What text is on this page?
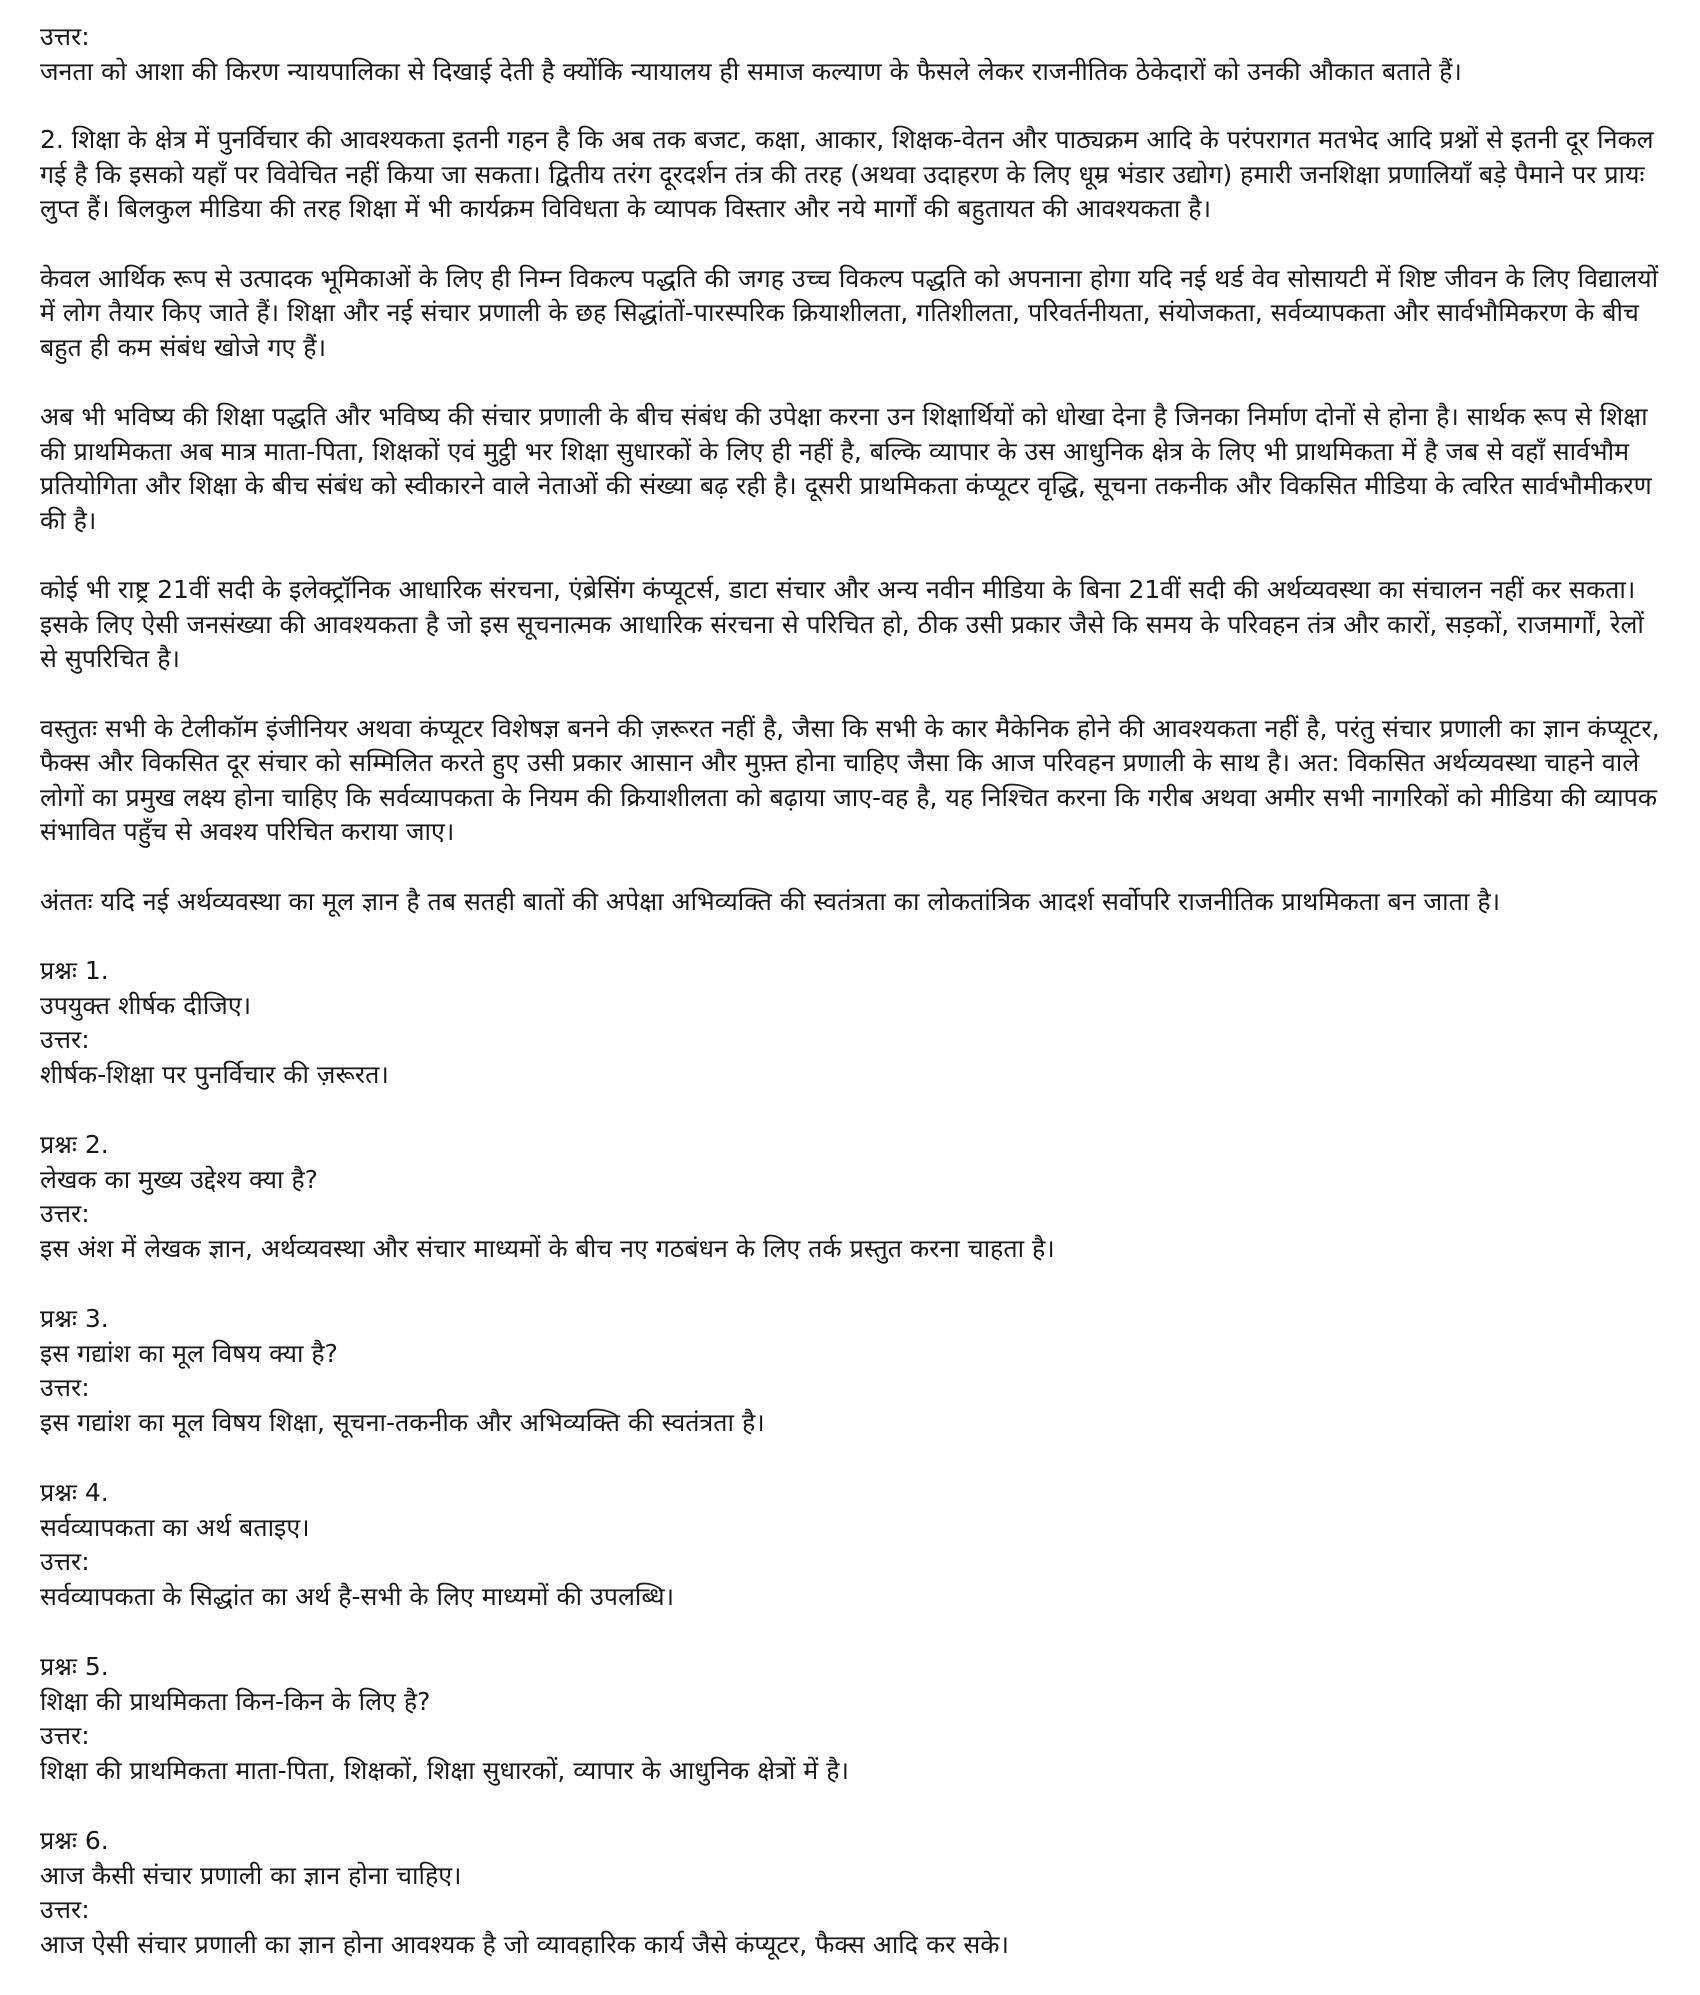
उत्तर:

जनता को आशा की किरण न्यायपालिका से दिखाई देती है क्योंकि न्यायालय ही समाज कल्याण के फैसले लेकर राजनीतिक ठेकेदारों को उनकी औकात बताते हैं।

2. शिक्षा के क्षेत्र में पुनर्विचार की आवश्यकता इतनी गहन है कि अब तक बजट, कक्षा, आकार, शिक्षक-वेतन और पाठ्यक्रम आदि के परंपरागत मतभेद आदि प्रश्नों से इतनी दूर निकल गई है कि इसको यहाँ पर विवेचित नहीं किया जा सकता। द्वितीय तरंग दूरदर्शन तंत्र की तरह (अथवा उदाहरण के लिए धूम्र भंडार उद्योग) हमारी जनशिक्षा प्रणालियाँ बड़े पैमाने पर प्रायः लुप्त हैं। बिलकुल मीडिया की तरह शिक्षा में भी कार्यक्रम विविधता के व्यापक विस्तार और नये मार्गों की बहुतायत की आवश्यकता है।

केवल आर्थिक रूप से उत्पादक भूमिकाओं के लिए ही निम्न विकल्प पद्धति की जगह उच्च विकल्प पद्धति को अपनाना होगा यदि नई थर्ड वेव सोसायटी में शिष्ट जीवन के लिए विद्यालयों में लोग तैयार किए जाते हैं। शिक्षा और नई संचार प्रणाली के छह सिद्धांतों-पारस्परिक क्रियाशीलता, गतिशीलता, परिवर्तनीयता, संयोजकता, सर्वव्यापकता और सार्वभौमिकरण के बीच बहुत ही कम संबंध खोजे गए हैं।

अब भी भविष्य की शिक्षा पद्धति और भविष्य की संचार प्रणाली के बीच संबंध की उपेक्षा करना उन शिक्षार्थियों को धोखा देना है जिनका निर्माण दोनों से होना है। सार्थक रूप से शिक्षा की प्राथमिकता अब मात्र माता-पिता, शिक्षकों एवं मुट्ठी भर शिक्षा सुधारकों के लिए ही नहीं है, बल्कि व्यापार के उस आधुनिक क्षेत्र के लिए भी प्राथमिकता में है जब से वहाँ सार्वभौम प्रतियोगिता और शिक्षा के बीच संबंध को स्वीकारने वाले नेताओं की संख्या बढ़ रही है। दूसरी प्राथमिकता कंप्यूटर वृद्धि, सूचना तकनीक और विकसित मीडिया के त्वरित सार्वभौमीकरण की है।

कोई भी राष्ट्र 21वीं सदी के इलेक्ट्रॉनिक आधारिक संरचना, एंब्रेसिंग कंप्यूटर्स, डाटा संचार और अन्य नवीन मीडिया के बिना 21वीं सदी की अर्थव्यवस्था का संचालन नहीं कर सकता। इसके लिए ऐसी जनसंख्या की आवश्यकता है जो इस सूचनात्मक आधारिक संरचना से परिचित हो, ठीक उसी प्रकार जैसे कि समय के परिवहन तंत्र और कारों, सड़कों, राजमार्गों, रेलों से सुपरिचित है।

वस्तुतः सभी के टेलीकॉम इंजीनियर अथवा कंप्यूटर विशेषज्ञ बनने की ज़रूरत नहीं है, जैसा कि सभी के कार मैकेनिक होने की आवश्यकता नहीं है, परंतु संचार प्रणाली का ज्ञान कंप्यूटर, फैक्स और विकसित दूर संचार को सम्मिलित करते हुए उसी प्रकार आसान और मुफ़्त होना चाहिए जैसा कि आज परिवहन प्रणाली के साथ है। अत: विकसित अर्थव्यवस्था चाहने वाले लोगों का प्रमुख लक्ष्य होना चाहिए कि सर्वव्यापकता के नियम की क्रियाशीलता को बढ़ाया जाए-वह है, यह निश्चित करना कि गरीब अथवा अमीर सभी नागरिकों को मीडिया की व्यापक संभावित पहुँच से अवश्य परिचित कराया जाए।

अंततः यदि नई अर्थव्यवस्था का मूल ज्ञान है तब सतही बातों की अपेक्षा अभिव्यक्ति की स्वतंत्रता का लोकतांत्रिक आदर्श सर्वोपरि राजनीतिक प्राथमिकता बन जाता है।

प्रश्नः 1.

उपयुक्त शीर्षक दीजिए।

उत्तर:

शीर्षक-शिक्षा पर पुनर्विचार की ज़रूरत।

प्रश्नः 2.

लेखक का मुख्य उद्देश्य क्या है?

उत्तर:

इस अंश में लेखक ज्ञान, अर्थव्यवस्था और संचार माध्यमों के बीच नए गठबंधन के लिए तर्क प्रस्तुत करना चाहता है।

प्रश्नः 3.

इस गद्यांश का मूल विषय क्या है?

उत्तर:

इस गद्यांश का मूल विषय शिक्षा, सूचना-तकनीक और अभिव्यक्ति की स्वतंत्रता है।

प्रश्नः 4.

सर्वव्यापकता का अर्थ बताइए।

उत्तर:

सर्वव्यापकता के सिद्धांत का अर्थ है-सभी के लिए माध्यमों की उपलब्धि।

प्रश्नः 5.

शिक्षा की प्राथमिकता किन-किन के लिए है?

उत्तर:

शिक्षा की प्राथमिकता माता-पिता, शिक्षकों, शिक्षा सुधारकों, व्यापार के आधुनिक क्षेत्रों में है।

प्रश्नः 6.

आज कैसी संचार प्रणाली का ज्ञान होना चाहिए।

उत्तर:

आज ऐसी संचार प्रणाली का ज्ञान होना आवश्यक है जो व्यावहारिक कार्य जैसे कंप्यूटर, फैक्स आदि कर सके।
